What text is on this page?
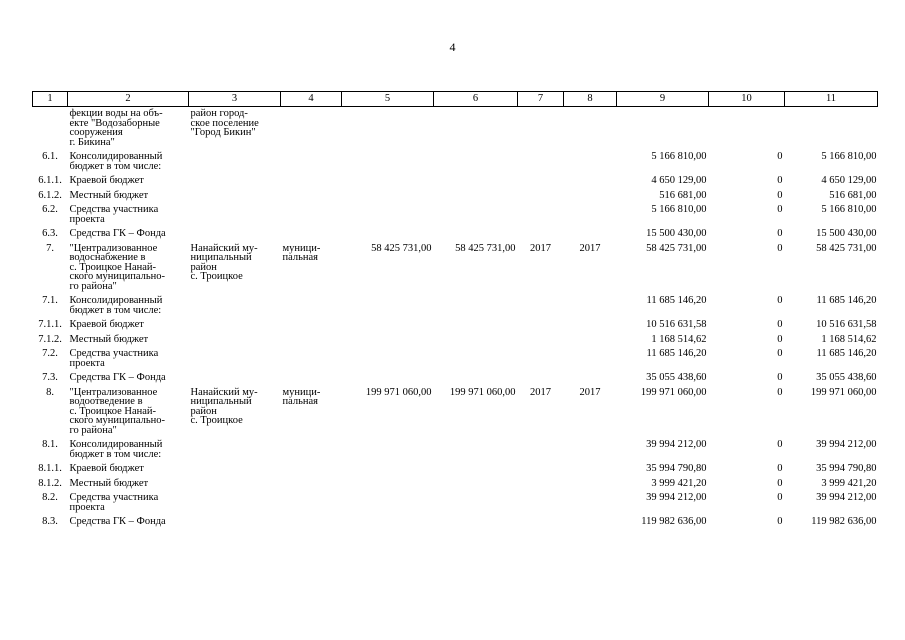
4
1	2	3	4	5	6	7	8	9	10	11
	фекции воды на объ-
екте "Водозаборные
сооружения
г. Бикина"	район город-
ское поселение
"Город Бикин"								
6.1.	Консолидированный
бюджет в том числе:							5 166 810,00	0	5 166 810,00
6.1.1.	Краевой бюджет							4 650 129,00	0	4 650 129,00
6.1.2.	Местный бюджет							516 681,00	0	516 681,00
6.2.	Средства участника
проекта							5 166 810,00	0	5 166 810,00
6.3.	Средства ГК – Фонда							15 500 430,00	0	15 500 430,00
7.	"Централизованное
водоснабжение в
с. Троицкое Нанай-
ского муниципально-
го района"	Нанайский му-
ниципальный
район
с. Троицкое	муници-
пальная	58 425 731,00	58 425 731,00	2017	2017	58 425 731,00	0	58 425 731,00
7.1.	Консолидированный
бюджет в том числе:							11 685 146,20	0	11 685 146,20
7.1.1.	Краевой бюджет							10 516 631,58	0	10 516 631,58
7.1.2.	Местный бюджет							1 168 514,62	0	1 168 514,62
7.2.	Средства участника
проекта							11 685 146,20	0	11 685 146,20
7.3.	Средства ГК – Фонда							35 055 438,60	0	35 055 438,60
8.	"Централизованное
водоотведение в
с. Троицкое Нанай-
ского муниципально-
го района"	Нанайский му-
ниципальный
район
с. Троицкое	муници-
пальная	199 971 060,00	199 971 060,00	2017	2017	199 971 060,00	0	199 971 060,00
8.1.	Консолидированный
бюджет в том числе:							39 994 212,00	0	39 994 212,00
8.1.1.	Краевой бюджет							35 994 790,80	0	35 994 790,80
8.1.2.	Местный бюджет							3 999 421,20	0	3 999 421,20
8.2.	Средства участника
проекта							39 994 212,00	0	39 994 212,00
8.3.	Средства ГК – Фонда							119 982 636,00	0	119 982 636,00
